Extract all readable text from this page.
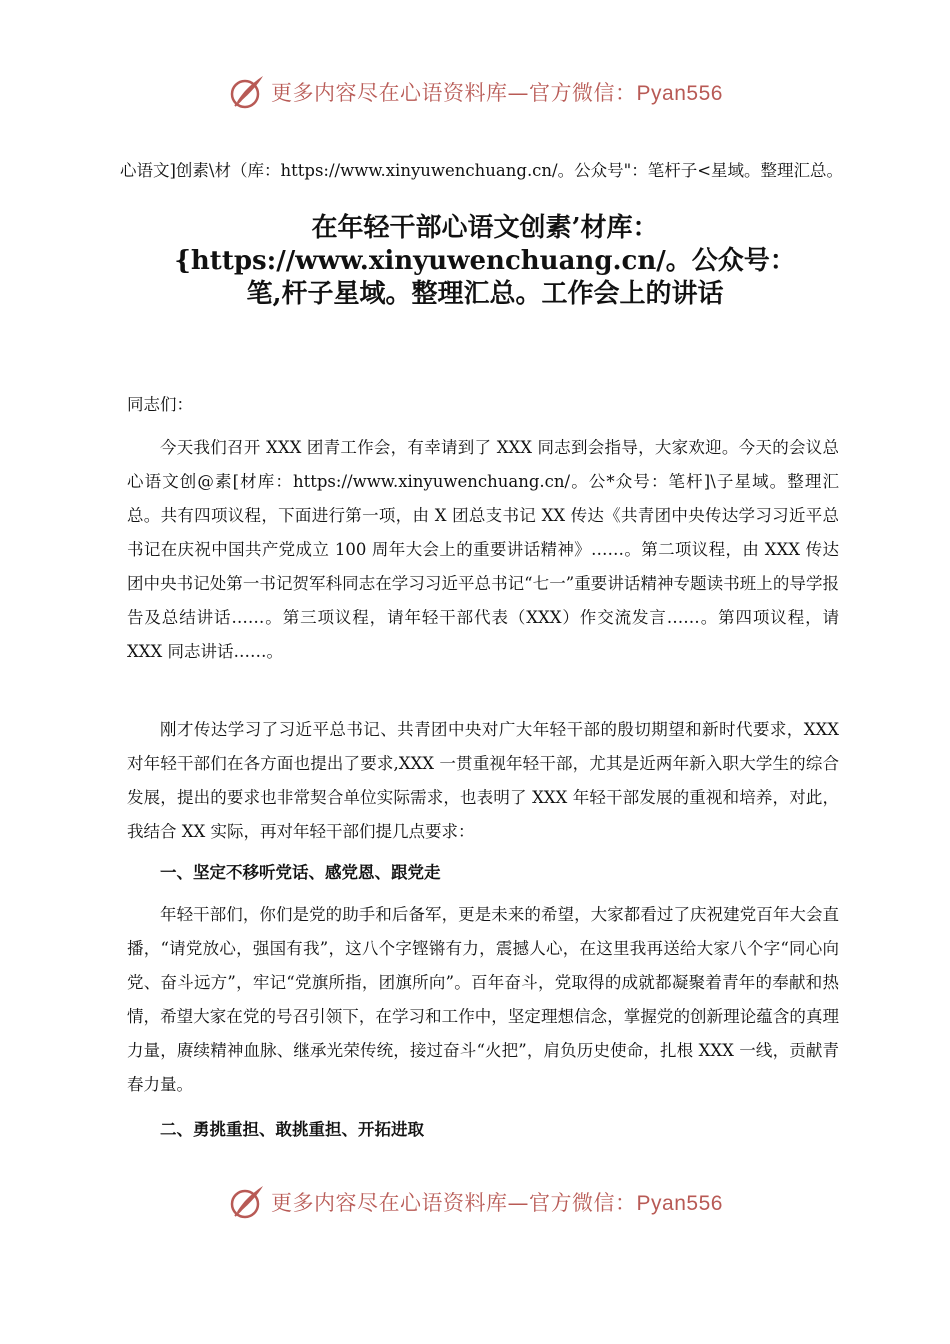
更多内容尽在心语资料库—官方微信：Pyan556
心语文]创素\材（库：https://www.xinyuwenchuang.cn/。公众号"：笔杆子<星域。整理汇总。
在年轻干部心语文创素’材库：{https://www.xinyuwenchuang.cn/。公众号：笔,杆子星域。整理汇总。工作会上的讲话
同志们：
今天我们召开 XXX 团青工作会，有幸请到了 XXX 同志到会指导，大家欢迎。今天的会议总心语文创@素[材库：https://www.xinyuwenchuang.cn/。公*众号：笔杆]\子星域。整理汇总。共有四项议程，下面进行第一项，由 X 团总支书记 XX 传达《共青团中央传达学习习近平总书记在庆祝中国共产党成立 100 周年大会上的重要讲话精神》……。第二项议程，由 XXX 传达团中央书记处第一书记贺军科同志在学习习近平总书记“七一”重要讲话精神专题读书班上的导学报告及总结讲话……。第三项议程，请年轻干部代表（XXX）作交流发言……。第四项议程，请 XXX 同志讲话……。
刚才传达学习了习近平总书记、共青团中央对广大年轻干部的殷切期望和新时代要求，XXX 对年轻干部们在各方面也提出了要求,XXX 一贯重视年轻干部，尤其是近两年新入职大学生的综合发展，提出的要求也非常契合单位实际需求，也表明了 XXX 年轻干部发展的重视和培养，对此，我结合 XX 实际，再对年轻干部们提几点要求：
一、坚定不移听党话、感党恩、跟党走
年轻干部们，你们是党的助手和后备军，更是未来的希望，大家都看过了庆祝建党百年大会直播，“请党放心，强国有我”，这八个字铿锵有力，震撼人心，在这里我再送给大家八个字“同心向党、奋斗远方”，牢记“党旗所指，团旗所向”。百年奋斗，党取得的成就都凝聚着青年的奉献和热情，希望大家在党的号召引领下，在学习和工作中，坚定理想信念，掌握党的创新理论蕴含的真理力量，赓续精神血脉、继承光荣传统，接过奋斗“火把”，肩负历史使命，扎根 XXX 一线，贡献青春力量。
二、勇挑重担、敢挑重担、开拓进取
更多内容尽在心语资料库—官方微信：Pyan556
